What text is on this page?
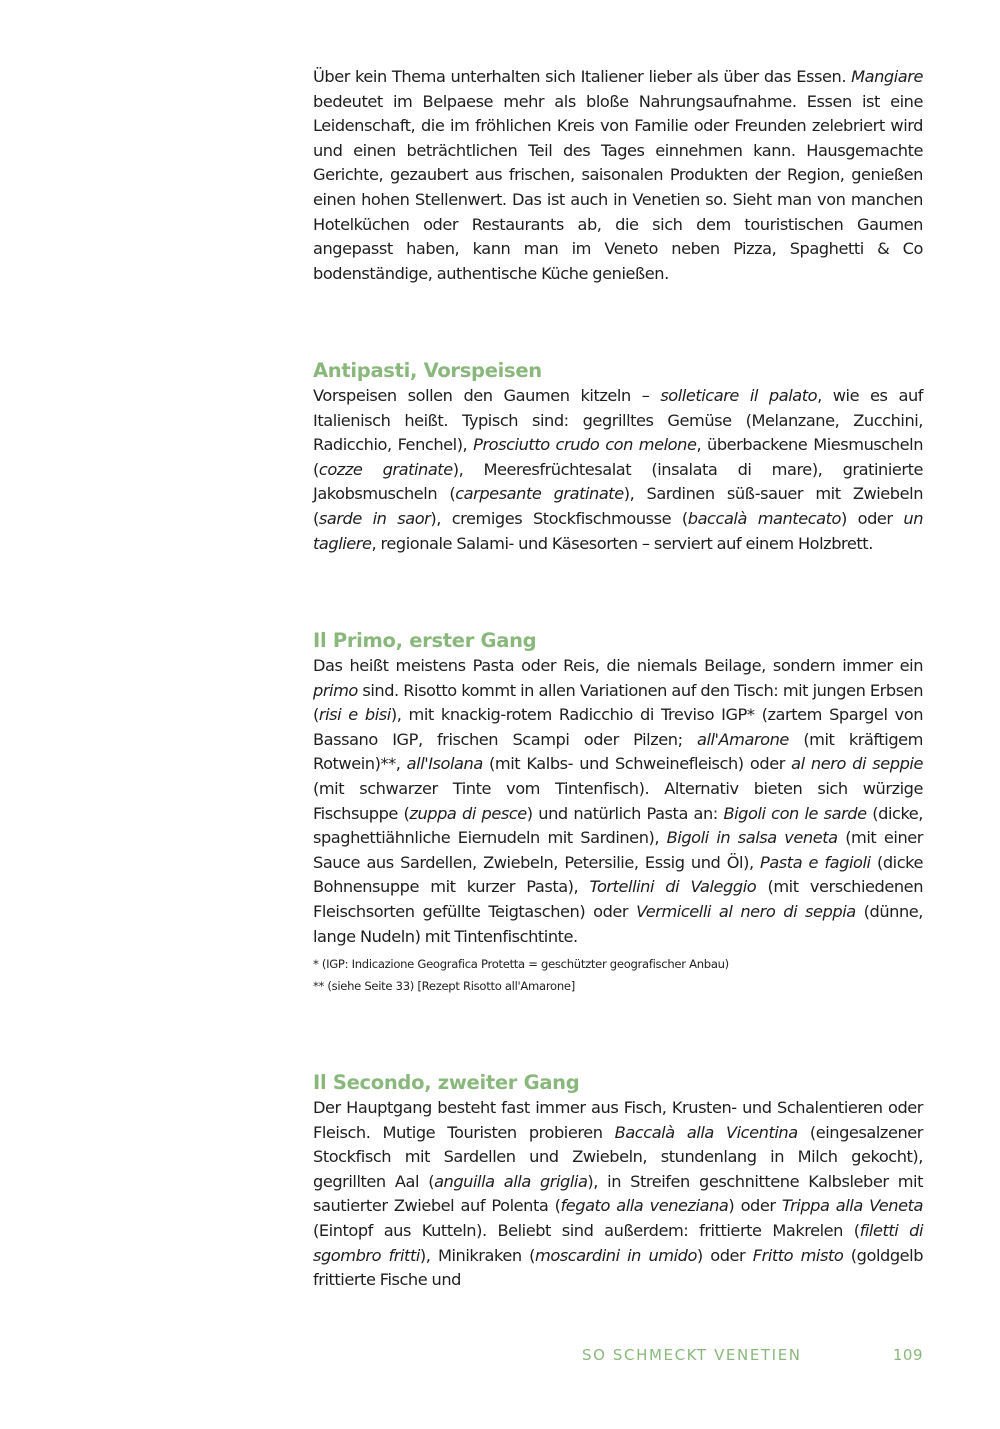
Über kein Thema unterhalten sich Italiener lieber als über das Essen. Mangiare bedeutet im Belpaese mehr als bloße Nahrungsaufnahme. Essen ist eine Leidenschaft, die im fröhlichen Kreis von Familie oder Freunden zelebriert wird und einen beträchtlichen Teil des Tages einnehmen kann. Hausgemachte Gerichte, gezaubert aus frischen, saisonalen Produkten der Region, genießen einen hohen Stellenwert. Das ist auch in Venetien so. Sieht man von manchen Hotelküchen oder Restaurants ab, die sich dem touristischen Gaumen angepasst haben, kann man im Veneto neben Pizza, Spaghetti & Co bodenständige, authentische Küche genießen.

Antipasti, Vorspeisen

Vorspeisen sollen den Gaumen kitzeln – solleticare il palato, wie es auf Italienisch heißt. Typisch sind: gegrilltes Gemüse (Melanzane, Zucchini, Radicchio, Fenchel), Prosciutto crudo con melone, überbackene Miesmuscheln (cozze gratinate), Meeresfrüchtesalat (insalata di mare), gratinierte Jakobsmuscheln (carpesante gratinate), Sardinen süß-sauer mit Zwiebeln (sarde in saor), cremiges Stockfischmousse (baccalà mantecato) oder un tagliere, regionale Salami- und Käsesorten – serviert auf einem Holzbrett.

Il Primo, erster Gang

Das heißt meistens Pasta oder Reis, die niemals Beilage, sondern immer ein primo sind. Risotto kommt in allen Variationen auf den Tisch: mit jungen Erbsen (risi e bisi), mit knackig-rotem Radicchio di Treviso IGP* (zartem Spargel von Bassano IGP, frischen Scampi oder Pilzen; all'Amarone (mit kräftigem Rotwein)**, all'Isolana (mit Kalbs- und Schweinefleisch) oder al nero di seppie (mit schwarzer Tinte vom Tintenfisch). Alternativ bieten sich würzige Fischsuppe (zuppa di pesce) und natürlich Pasta an: Bigoli con le sarde (dicke, spaghettiähnliche Eiernudeln mit Sardinen), Bigoli in salsa veneta (mit einer Sauce aus Sardellen, Zwiebeln, Petersilie, Essig und Öl), Pasta e fagioli (dicke Bohnensuppe mit kurzer Pasta), Tortellini di Valeggio (mit verschiedenen Fleischsorten gefüllte Teigtaschen) oder Vermicelli al nero di seppia (dünne, lange Nudeln) mit Tintenfischtinte.

* (IGP: Indicazione Geografica Protetta = geschützter geografischer Anbau)

** (siehe Seite 33) [Rezept Risotto all'Amarone]

Il Secondo, zweiter Gang

Der Hauptgang besteht fast immer aus Fisch, Krusten- und Schalentieren oder Fleisch. Mutige Touristen probieren Baccalà alla Vicentina (eingesalzener Stockfisch mit Sardellen und Zwiebeln, stundenlang in Milch gekocht), gegrillten Aal (anguilla alla griglia), in Streifen geschnittene Kalbsleber mit sautierter Zwiebel auf Polenta (fegato alla veneziana) oder Trippa alla Veneta (Eintopf aus Kutteln). Beliebt sind außerdem: frittierte Makrelen (filetti di sgombro fritti), Minikraken (moscardini in umido) oder Fritto misto (goldgelb frittierte Fische und

SO SCHMECKT VENETIEN	109
